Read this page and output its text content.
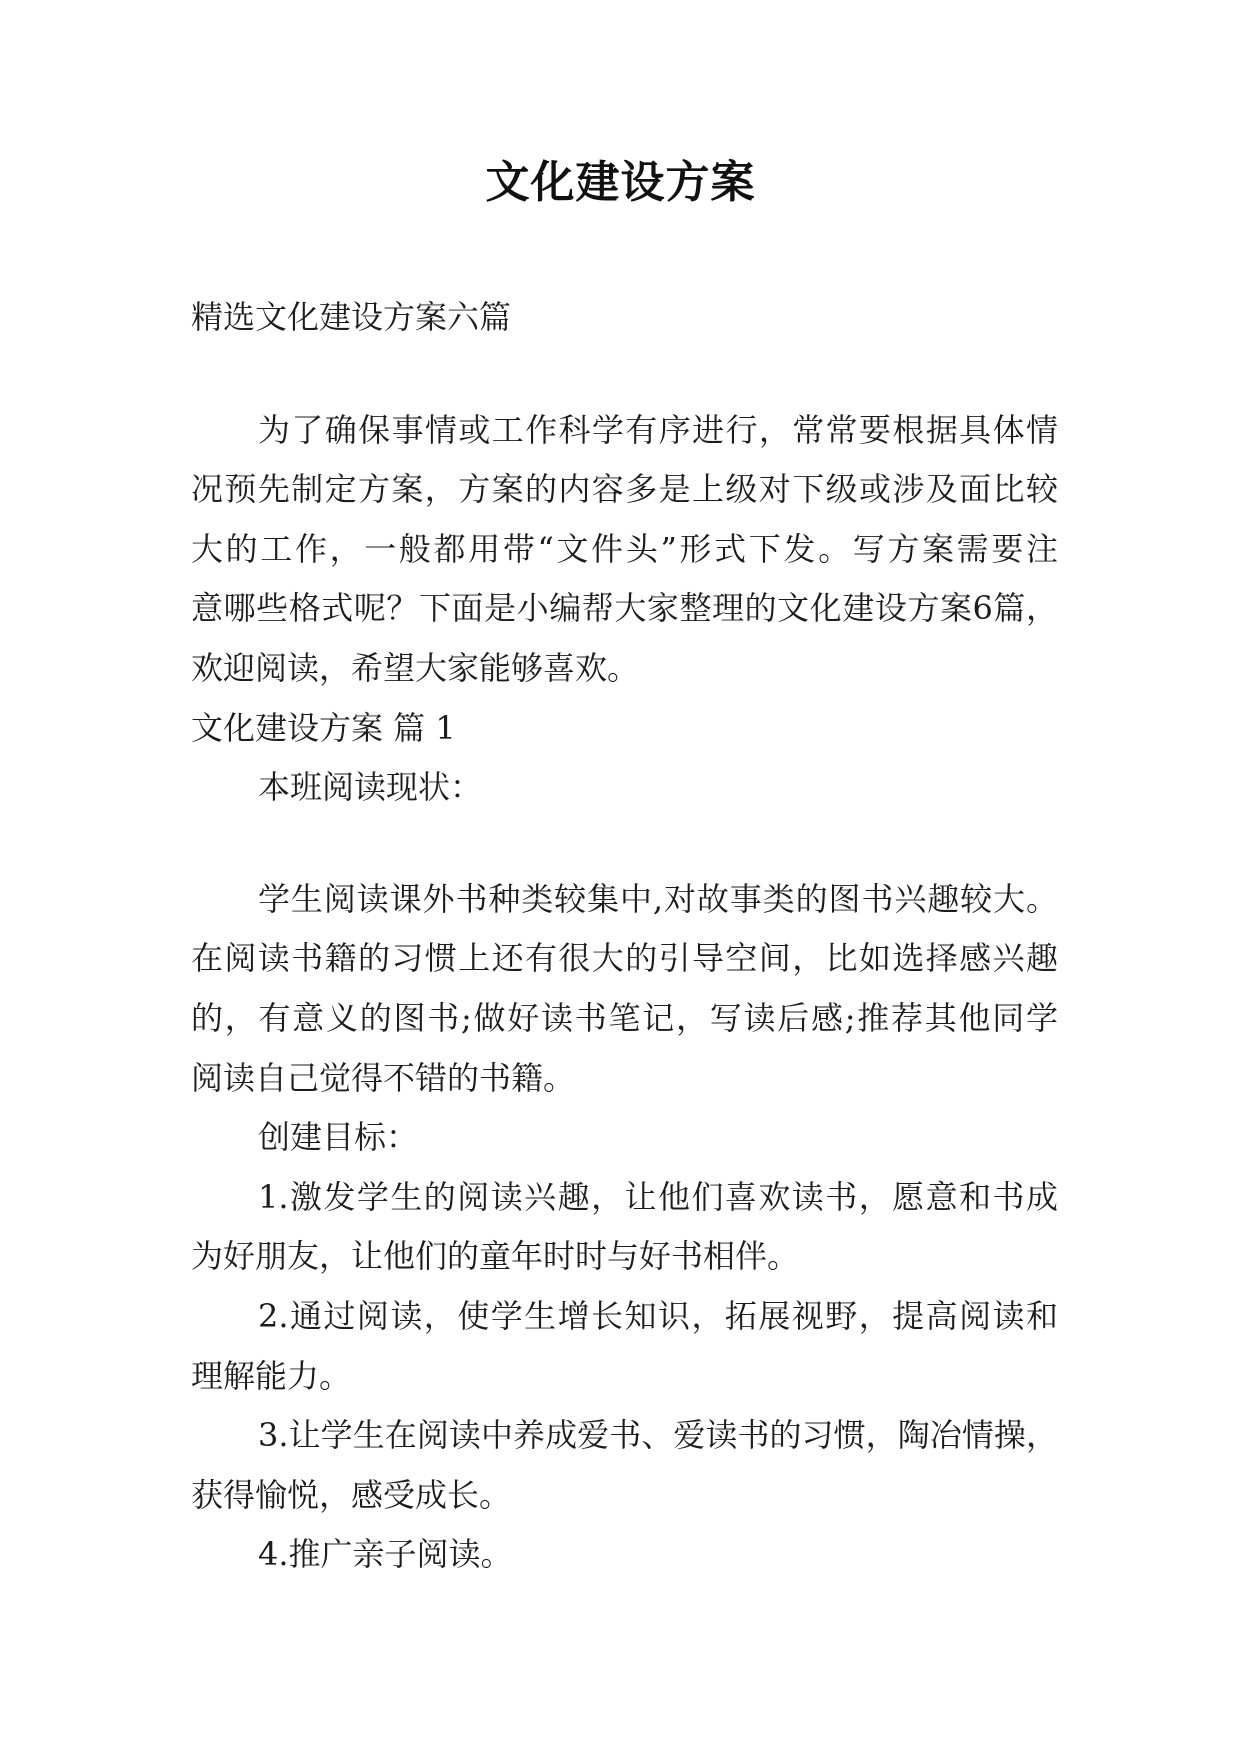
文化建设方案
精选文化建设方案六篇
为了确保事情或工作科学有序进行，常常要根据具体情
况预先制定方案，方案的内容多是上级对下级或涉及面比较
大的工作，一般都用带“文件头”形式下发。写方案需要注
意哪些格式呢？下面是小编帮大家整理的文化建设方案6篇，
欢迎阅读，希望大家能够喜欢。
文化建设方案 篇 1
本班阅读现状：
学生阅读课外书种类较集中,对故事类的图书兴趣较大。
在阅读书籍的习惯上还有很大的引导空间，比如选择感兴趣
的，有意义的图书;做好读书笔记，写读后感;推荐其他同学
阅读自己觉得不错的书籍。
创建目标：
1.激发学生的阅读兴趣，让他们喜欢读书，愿意和书成
为好朋友，让他们的童年时时与好书相伴。
2.通过阅读，使学生增长知识，拓展视野，提高阅读和
理解能力。
3.让学生在阅读中养成爱书、爱读书的习惯，陶冶情操，
获得愉悦，感受成长。
4.推广亲子阅读。
